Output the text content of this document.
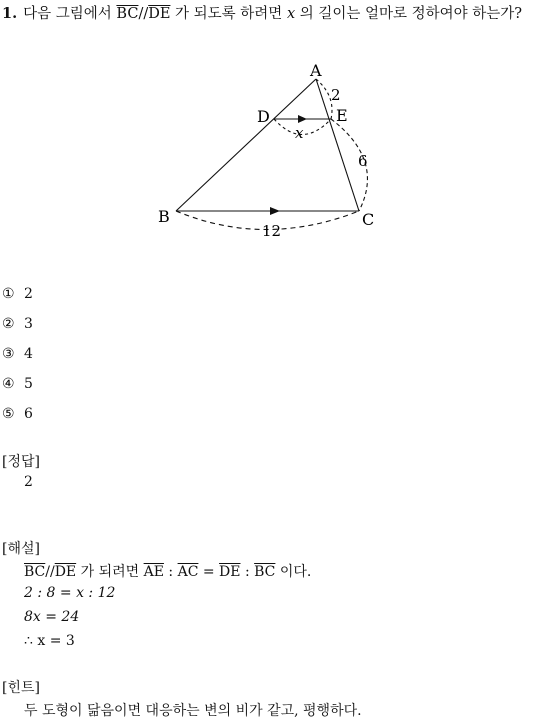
1. 다음 그림에서 $\overline{BC}//\overline{DE}$ 가 되도록 하려면 x 의 길이는 얼마로 정하여야 하는가?
A
B	C
D	E
2
6
12
x
① 2
② 3
③ 4
④ 5
⑤ 6
[정답]
2
[해설]
$\overline{BC}//\overline{DE}$ 가 되려면 $\overline{AE}$ : $\overline{AC} = \overline{DE}$ : $\overline{BC}$ 이다.
2 : 8 = x : 12
8x = 24
∴ x = 3
[힌트]
두 도형이 닮음이면 대응하는 변의 비가 같고, 평행하다.
